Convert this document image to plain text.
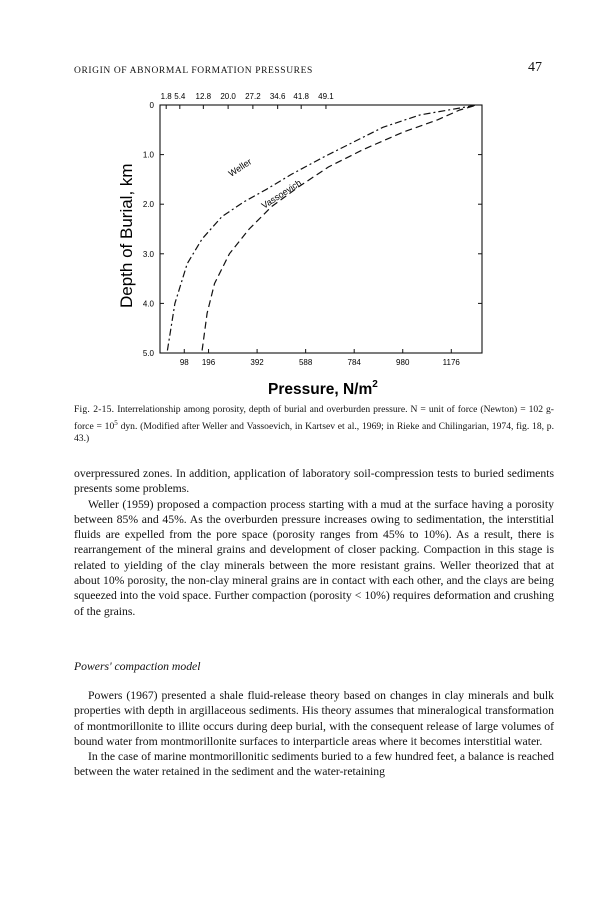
ORIGIN OF ABNORMAL FORMATION PRESSURES	47
98 196	392	588	784	980	1176
1.8 5.4 12.8 20.0 27.2 34.6 41.8 49.1
0
1.0
2.0
3.0
4.0
5.0
Weller
Vassoevich
Depth of Burial, km
Pressure, $N/m^2$
Fig. 2-15. Interrelationship among porosity, depth of burial and overburden pressure. N = unit of force (Newton) = 102 g-force = $10^5$ dyn. (Modified after Weller and Vassoevich, in Kartsev et al., 1969; in Rieke and Chilingarian, 1974, fig. 18, p. 43.)

overpressured zones. In addition, application of laboratory soil-compression tests to buried sediments presents some problems.

Weller (1959) proposed a compaction process starting with a mud at the surface having a porosity between 85% and 45%. As the overburden pressure increases owing to sedimentation, the interstitial fluids are expelled from the pore space (porosity ranges from 45% to 10%). As a result, there is rearrangement of the mineral grains and development of closer packing. Compaction in this stage is related to yielding of the clay minerals between the more resistant grains. Weller theorized that at about 10% porosity, the non-clay mineral grains are in contact with each other, and the clays are being squeezed into the void space. Further compaction (porosity < 10%) requires deformation and crushing of the grains.

Powers' compaction model

Powers (1967) presented a shale fluid-release theory based on changes in clay minerals and bulk properties with depth in argillaceous sediments. His theory assumes that mineralogical transformation of montmorillonite to illite occurs during deep burial, with the consequent release of large volumes of bound water from montmorillonite surfaces to interparticle areas where it becomes interstitial water.

In the case of marine montmorillonitic sediments buried to a few hundred feet, a balance is reached between the water retained in the sediment and the water-retaining
